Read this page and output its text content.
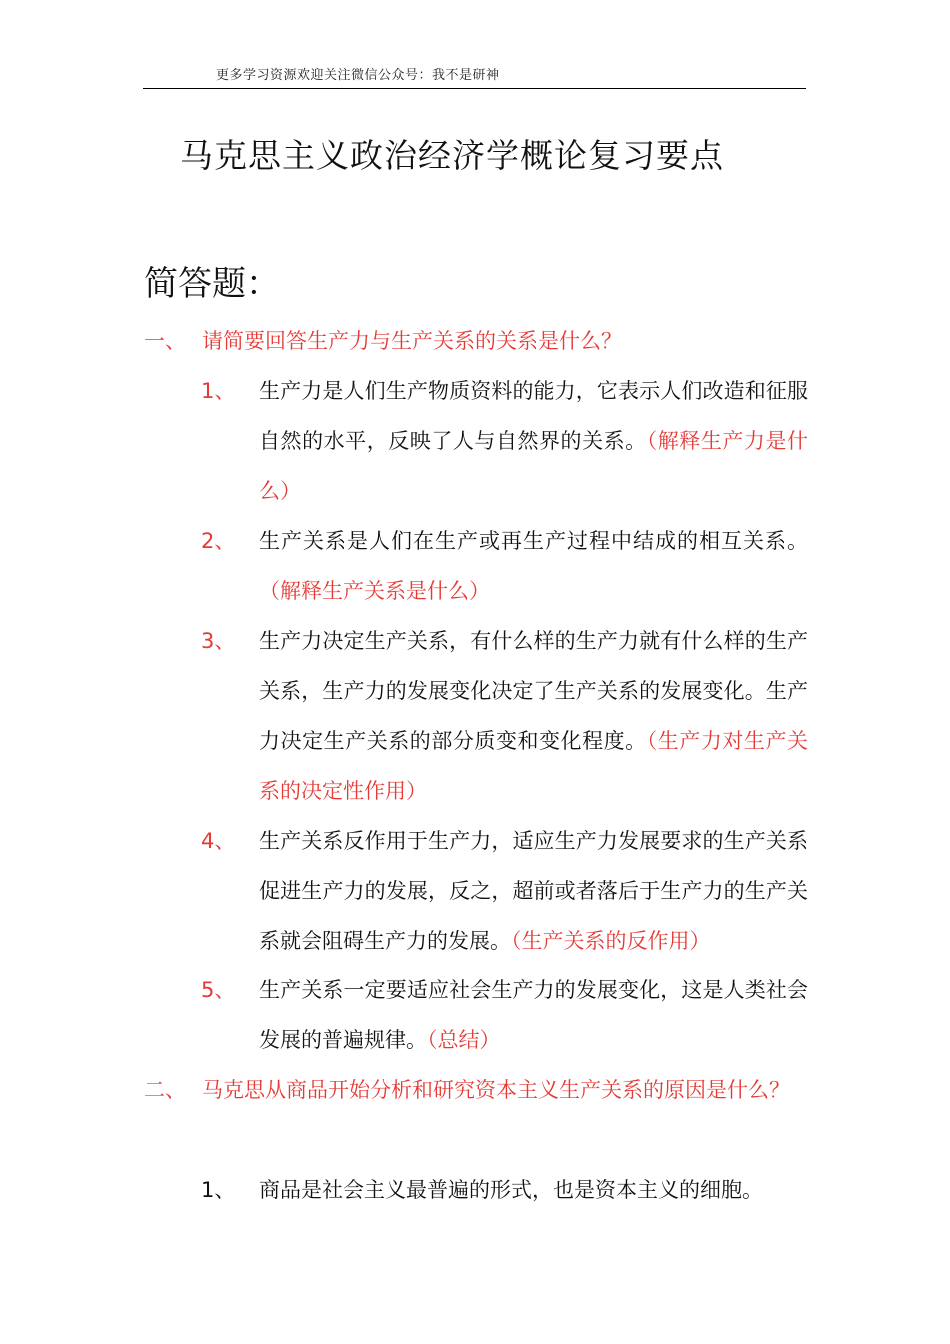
更多学习资源欢迎关注微信公众号：我不是研神
马克思主义政治经济学概论复习要点
简答题：
一、 请简要回答生产力与生产关系的关系是什么？
1、 生产力是人们生产物质资料的能力，它表示人们改造和征服自然的水平，反映了人与自然界的关系。（解释生产力是什么）
2、 生产关系是人们在生产或再生产过程中结成的相互关系。（解释生产关系是什么）
3、 生产力决定生产关系，有什么样的生产力就有什么样的生产关系，生产力的发展变化决定了生产关系的发展变化。生产力决定生产关系的部分质变和变化程度。（生产力对生产关系的决定性作用）
4、 生产关系反作用于生产力，适应生产力发展要求的生产关系促进生产力的发展，反之，超前或者落后于生产力的生产关系就会阻碍生产力的发展。（生产关系的反作用）
5、 生产关系一定要适应社会生产力的发展变化，这是人类社会发展的普遍规律。（总结）
二、 马克思从商品开始分析和研究资本主义生产关系的原因是什么？
1、 商品是社会主义最普遍的形式，也是资本主义的细胞。
